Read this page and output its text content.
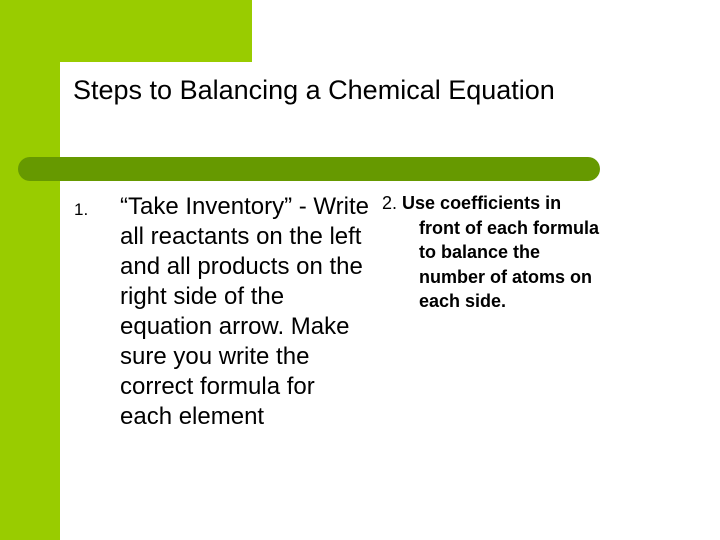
Steps to Balancing a Chemical Equation
1. “Take Inventory” - Write all reactants on the left and all products on the right side of the equation arrow. Make sure you write the correct formula for each element
2. Use coefficients in
front of each formula
to balance the
number of atoms on
each side.
